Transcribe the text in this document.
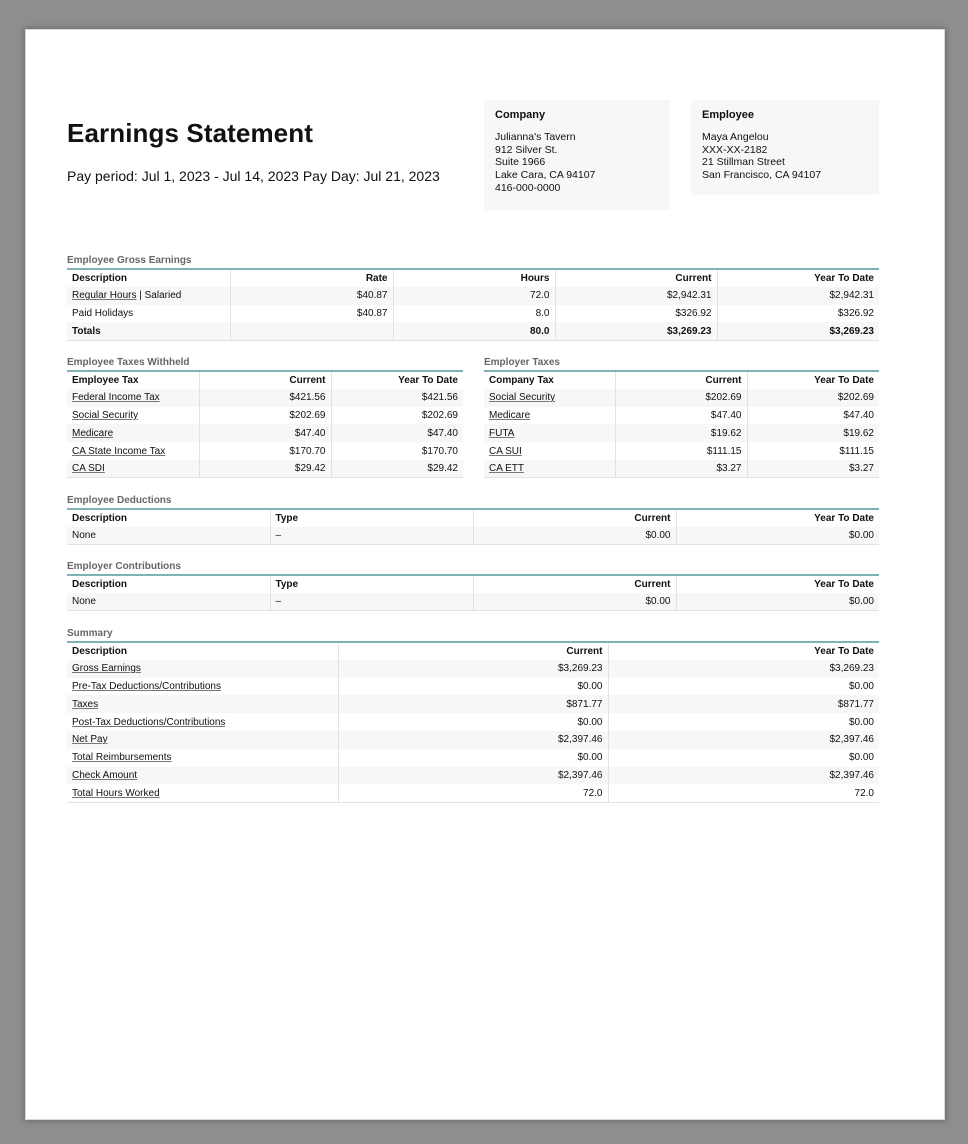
Earnings Statement
Pay period: Jul 1, 2023 - Jul 14, 2023 Pay Day: Jul 21, 2023
Company
Julianna's Tavern
912 Silver St.
Suite 1966
Lake Cara, CA 94107
416-000-0000
Employee
Maya Angelou
XXX-XX-2182
21 Stillman Street
San Francisco, CA 94107
Employee Gross Earnings
Description	Rate	Hours	Current	Year To Date
Regular Hours | Salaried	$40.87	72.0	$2,942.31	$2,942.31
Paid Holidays	$40.87	8.0	$326.92	$326.92
Totals		80.0	$3,269.23	$3,269.23
Employee Taxes Withheld
Employee Tax	Current	Year To Date
Federal Income Tax	$421.56	$421.56
Social Security	$202.69	$202.69
Medicare	$47.40	$47.40
CA State Income Tax	$170.70	$170.70
CA SDI	$29.42	$29.42
Employer Taxes
Company Tax	Current	Year To Date
Social Security	$202.69	$202.69
Medicare	$47.40	$47.40
FUTA	$19.62	$19.62
CA SUI	$111.15	$111.15
CA ETT	$3.27	$3.27
Employee Deductions
Description	Type	Current	Year To Date
None	–	$0.00	$0.00
Employer Contributions
Description	Type	Current	Year To Date
None	–	$0.00	$0.00
Summary
Description	Current	Year To Date
Gross Earnings	$3,269.23	$3,269.23
Pre-Tax Deductions/Contributions	$0.00	$0.00
Taxes	$871.77	$871.77
Post-Tax Deductions/Contributions	$0.00	$0.00
Net Pay	$2,397.46	$2,397.46
Total Reimbursements	$0.00	$0.00
Check Amount	$2,397.46	$2,397.46
Total Hours Worked	72.0	72.0
